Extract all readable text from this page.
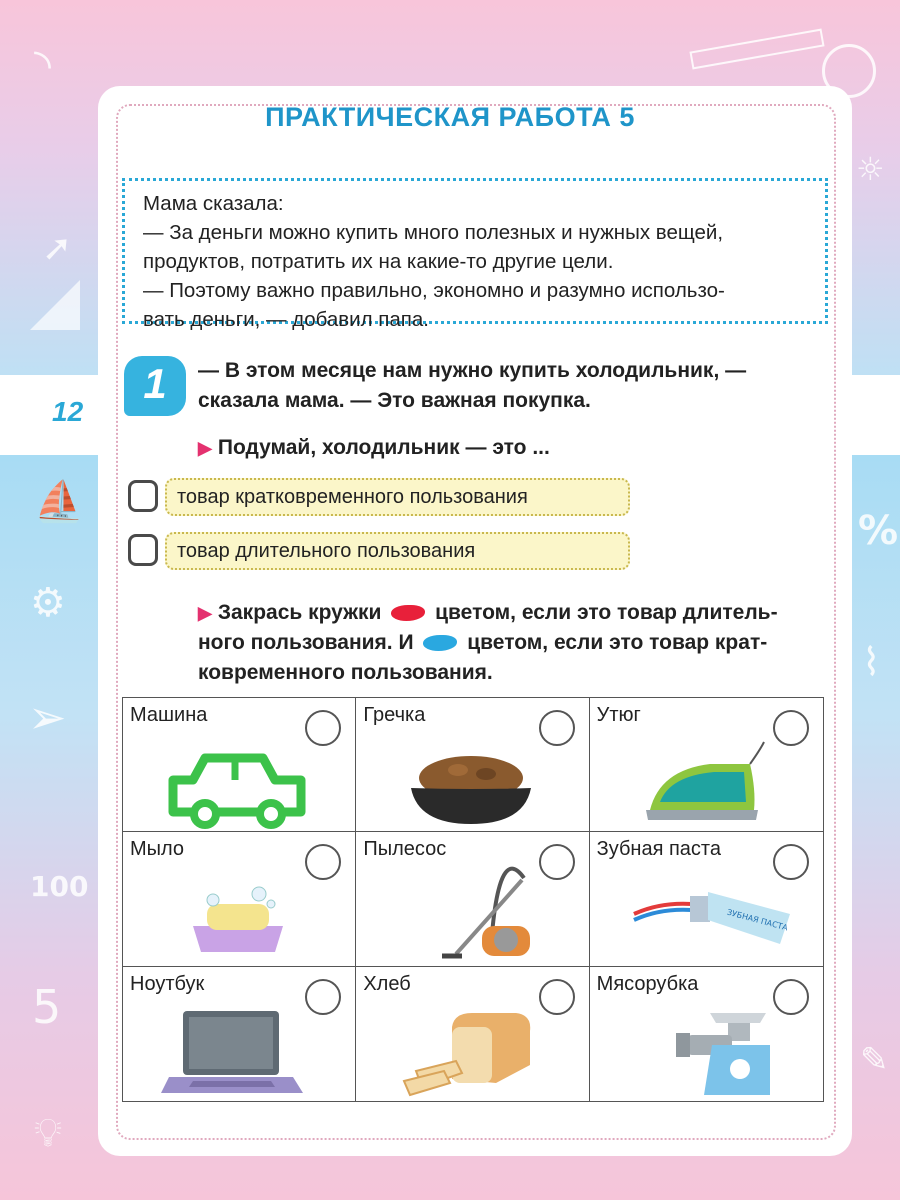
◝
➚
☼
⛵
%
⚙
➢
⌇
100
5
💡︎
✎
12
ПРАКТИЧЕСКАЯ РАБОТА 5
Мама сказала:
— За деньги можно купить много полезных и нужных вещей,
продуктов, потратить их на какие-то другие цели.
— Поэтому важно правильно, экономно и разумно использо-
вать деньги, — добавил папа.
1	— В этом месяце нам нужно купить холодильник, —
сказала мама. — Это важная покупка.
▶ Подумай, холодильник — это ...
товар кратковременного пользования
товар длительного пользования
▶ Закрась кружки	цветом, если это товар длитель-
ного пользования. И	цветом, если это товар крат-
ковременного пользования.
Машина	Гречка	Утюг
Мыло	Пылесос	Зубная паста
ЗУБНАЯ ПАСТА
Ноутбук	Хлеб	Мясорубка
